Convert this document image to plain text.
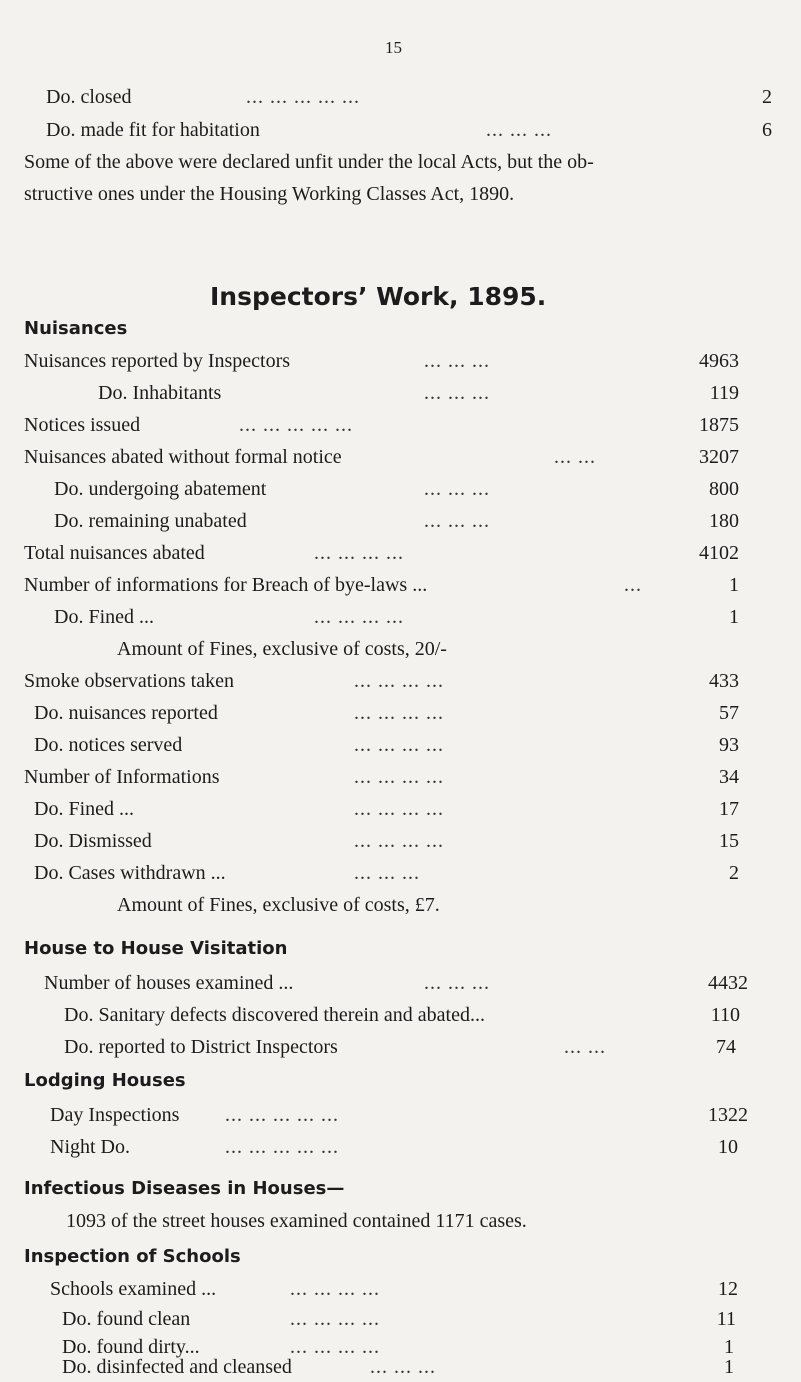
15
Do. closed	... ... ... ... ...	2
Do. made fit for habitation	... ... ...	6
Some of the above were declared unfit under the local Acts, but the ob-
structive ones under the Housing Working Classes Act, 1890.
Inspectors’ Work, 1895.
Nuisances
Nuisances reported by Inspectors	... ... ...	4963
Do. Inhabitants	... ... ...	119
Notices issued	... ... ... ... ...	1875
Nuisances abated without formal notice	... ...	3207
Do. undergoing abatement	... ... ...	800
Do. remaining unabated	... ... ...	180
Total nuisances abated	... ... ... ...	4102
Number of informations for Breach of bye-laws ...	...	1
Do. Fined ...	... ... ... ...	1
Amount of Fines, exclusive of costs, 20/-
Smoke observations taken	... ... ... ...	433
Do. nuisances reported	... ... ... ...	57
Do. notices served	... ... ... ...	93
Number of Informations	... ... ... ...	34
Do. Fined ...	... ... ... ...	17
Do. Dismissed	... ... ... ...	15
Do. Cases withdrawn ...	... ... ...	2
Amount of Fines, exclusive of costs, £7.
House to House Visitation
Number of houses examined ...	... ... ...	4432
Do. Sanitary defects discovered therein and abated...	110
Do. reported to District Inspectors	... ...	74
Lodging Houses
Day Inspections ... ... ... ... ...	1322
Night Do.	... ... ... ... ...	10
Infectious Diseases in Houses—
1093 of the street houses examined contained 1171 cases.
Inspection of Schools
Schools examined ...	... ... ... ...	12
Do. found clean	... ... ... ...	11
Do. found dirty...	... ... ... ...	1
Do. disinfected and cleansed	... ... ...	1
